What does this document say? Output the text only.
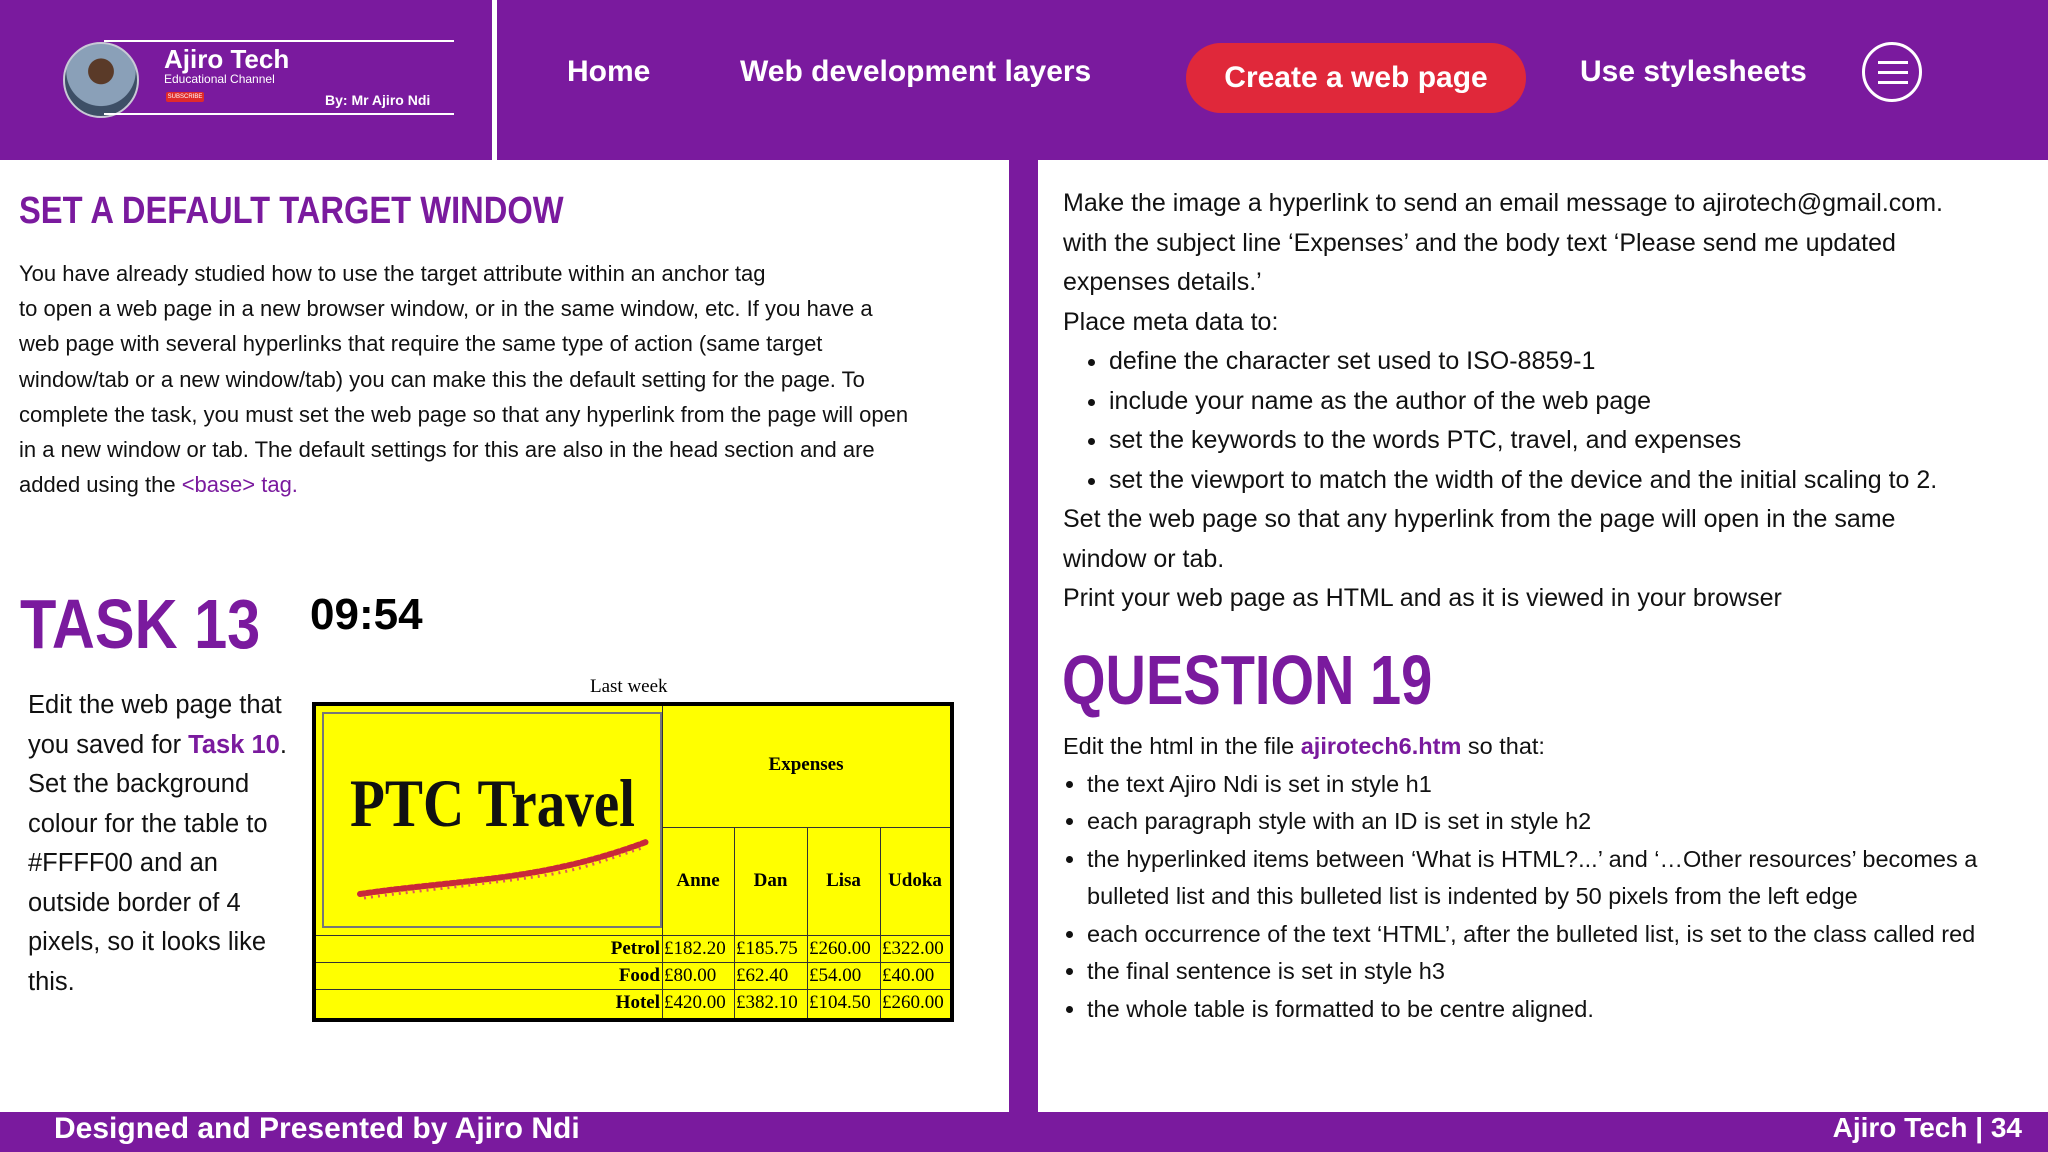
Ajiro Tech
Educational Channel
SUBSCRIBE	By: Mr Ajiro Ndi
Home	Web development layers	Create a web page	Use stylesheets
SET A DEFAULT TARGET WINDOW
You have already studied how to use the target attribute within an anchor tag
to open a web page in a new browser window, or in the same window, etc. If you have a
web page with several hyperlinks that require the same type of action (same target
window/tab or a new window/tab) you can make this the default setting for the page. To
complete the task, you must set the web page so that any hyperlink from the page will open
in a new window or tab. The default settings for this are also in the head section and are
added using the <base> tag.
TASK 13 09:54
Edit the web page that you saved for Task 10. Set the background colour for the table to #FFFF00 and an outside border of 4 pixels, so it looks like this.
Last week
PTC Travel
Expenses
Anne	Dan	Lisa	Udoka
Petrol £182.20 £185.75 £260.00 £322.00
Food £80.00 £62.40 £54.00 £40.00
Hotel £420.00 £382.10 £104.50 £260.00
Make the image a hyperlink to send an email message to ajirotech@gmail.com.
with the subject line ‘Expenses’ and the body text ‘Please send me updated
expenses details.’
Place meta data to:
• define the character set used to ISO-8859-1
• include your name as the author of the web page
• set the keywords to the words PTC, travel, and expenses
• set the viewport to match the width of the device and the initial scaling to 2.
Set the web page so that any hyperlink from the page will open in the same
window or tab.
Print your web page as HTML and as it is viewed in your browser
QUESTION 19
Edit the html in the file ajirotech6.htm so that:
• the text Ajiro Ndi is set in style h1
• each paragraph style with an ID is set in style h2
• the hyperlinked items between ‘What is HTML?...’ and ‘…Other resources’ becomes a bulleted list and this bulleted list is indented by 50 pixels from the left edge
• each occurrence of the text ‘HTML’, after the bulleted list, is set to the class called red
• the final sentence is set in style h3
• the whole table is formatted to be centre aligned.
Designed and Presented by Ajiro Ndi	Ajiro Tech | 34
